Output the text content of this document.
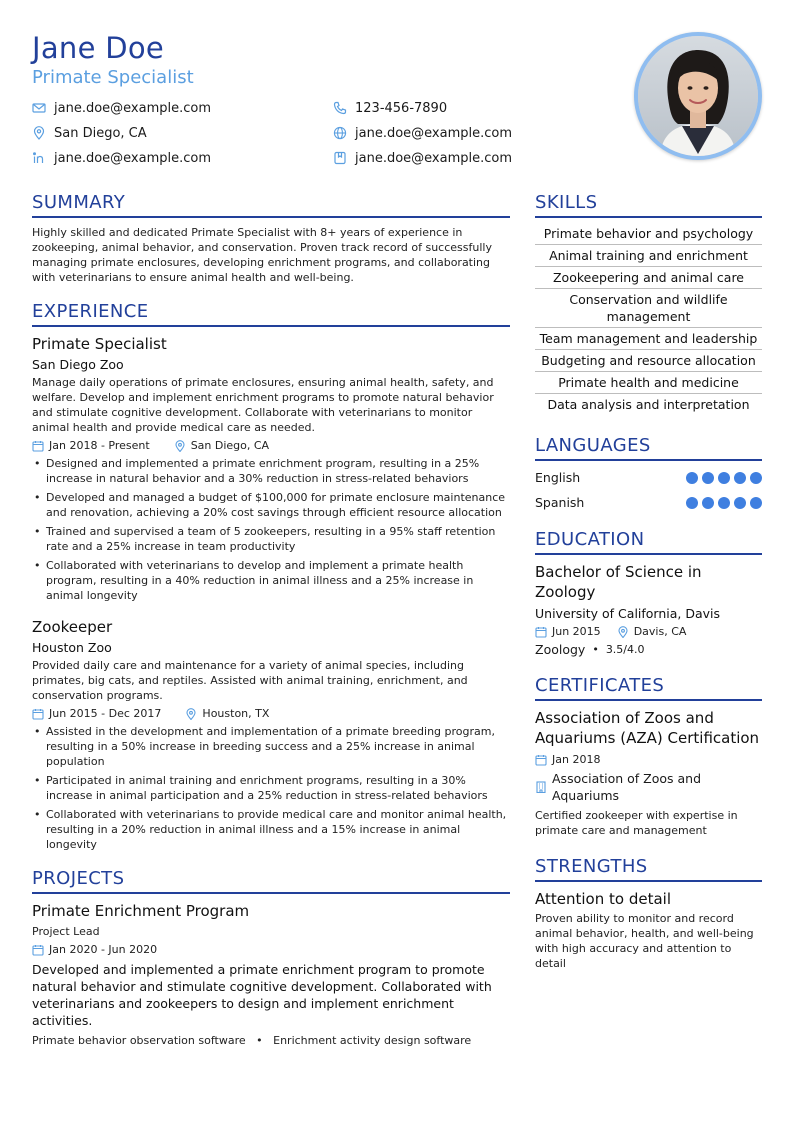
Jane Doe
Primate Specialist
jane.doe@example.com	123-456-7890
San Diego, CA	jane.doe@example.com
jane.doe@example.com	jane.doe@example.com
SUMMARY
Highly skilled and dedicated Primate Specialist with 8+ years of experience in zookeeping, animal behavior, and conservation. Proven track record of successfully managing primate enclosures, developing enrichment programs, and collaborating with veterinarians to ensure animal health and well-being.
EXPERIENCE
Primate Specialist
San Diego Zoo
Manage daily operations of primate enclosures, ensuring animal health, safety, and welfare. Develop and implement enrichment programs to promote natural behavior and stimulate cognitive development. Collaborate with veterinarians to monitor animal health and provide medical care as needed.
Jan 2018 - Present	San Diego, CA
• Designed and implemented a primate enrichment program, resulting in a 25% increase in natural behavior and a 30% reduction in stress-related behaviors
• Developed and managed a budget of $100,000 for primate enclosure maintenance and renovation, achieving a 20% cost savings through efficient resource allocation
• Trained and supervised a team of 5 zookeepers, resulting in a 95% staff retention rate and a 25% increase in team productivity
• Collaborated with veterinarians to develop and implement a primate health program, resulting in a 40% reduction in animal illness and a 25% increase in animal longevity
Zookeeper
Houston Zoo
Provided daily care and maintenance for a variety of animal species, including primates, big cats, and reptiles. Assisted with animal training, enrichment, and conservation programs.
Jun 2015 - Dec 2017	Houston, TX
• Assisted in the development and implementation of a primate breeding program, resulting in a 50% increase in breeding success and a 25% increase in animal population
• Participated in animal training and enrichment programs, resulting in a 30% increase in animal participation and a 25% reduction in stress-related behaviors
• Collaborated with veterinarians to provide medical care and monitor animal health, resulting in a 20% reduction in animal illness and a 15% increase in animal longevity
PROJECTS
Primate Enrichment Program
Project Lead
Jan 2020 - Jun 2020
Developed and implemented a primate enrichment program to promote natural behavior and stimulate cognitive development. Collaborated with veterinarians and zookeepers to design and implement enrichment activities.
Primate behavior observation software • Enrichment activity design software
SKILLS
Primate behavior and psychology
Animal training and enrichment
Zookeepering and animal care
Conservation and wildlife management
Team management and leadership
Budgeting and resource allocation
Primate health and medicine
Data analysis and interpretation
LANGUAGES
English
Spanish
EDUCATION
Bachelor of Science in Zoology
University of California, Davis
Jun 2015	Davis, CA
Zoology • 3.5/4.0
CERTIFICATES
Association of Zoos and Aquariums (AZA) Certification
Jan 2018
Association of Zoos and Aquariums
Certified zookeeper with expertise in primate care and management
STRENGTHS
Attention to detail
Proven ability to monitor and record animal behavior, health, and well-being with high accuracy and attention to detail
